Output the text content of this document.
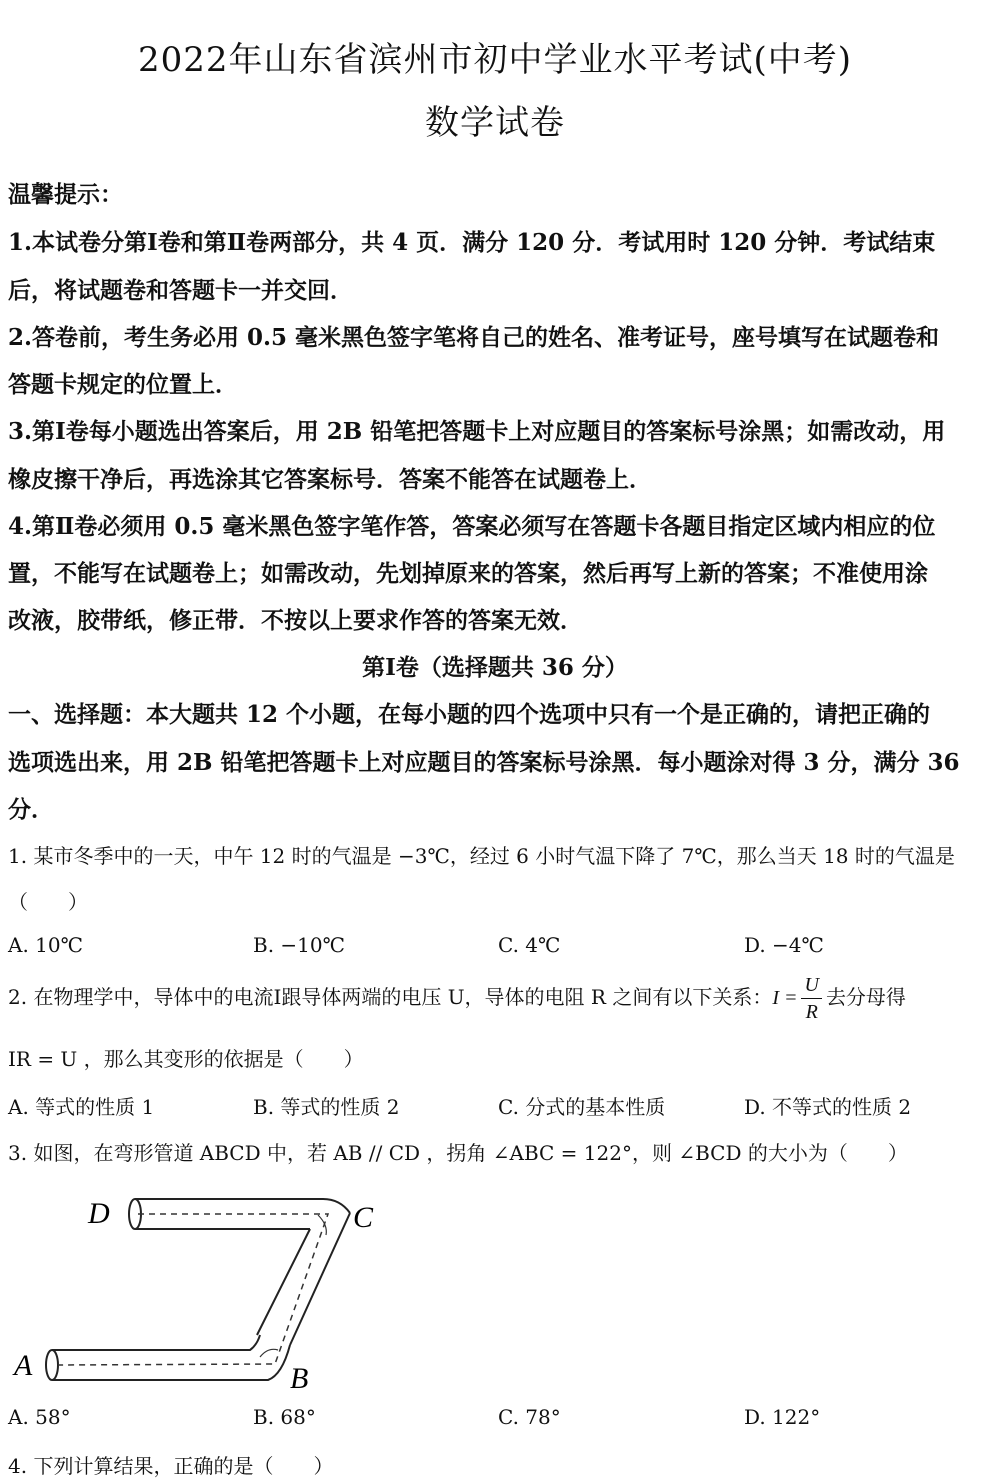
2022年山东省滨州市初中学业水平考试(中考)
数学试卷
温馨提示：
1.本试卷分第Ⅰ卷和第Ⅱ卷两部分，共 4 页．满分 120 分．考试用时 120 分钟．考试结束
后，将试题卷和答题卡一并交回．
2.答卷前，考生务必用 0.5 毫米黑色签字笔将自己的姓名、准考证号，座号填写在试题卷和
答题卡规定的位置上．
3.第Ⅰ卷每小题选出答案后，用 2B 铅笔把答题卡上对应题目的答案标号涂黑；如需改动，用
橡皮擦干净后，再选涂其它答案标号．答案不能答在试题卷上．
4.第Ⅱ卷必须用 0.5 毫米黑色签字笔作答，答案必须写在答题卡各题目指定区域内相应的位
置，不能写在试题卷上；如需改动，先划掉原来的答案，然后再写上新的答案；不准使用涂
改液，胶带纸，修正带．不按以上要求作答的答案无效．
第Ⅰ卷（选择题共 36 分）
一、选择题：本大题共 12 个小题，在每小题的四个选项中只有一个是正确的，请把正确的
选项选出来，用 2B 铅笔把答题卡上对应题目的答案标号涂黑．每小题涂对得 3 分，满分 36
分．
1. 某市冬季中的一天，中午 12 时的气温是 −3℃，经过 6 小时气温下降了 7℃，那么当天 18 时的气温是
（　　）
A. 10℃	B. −10℃	C. 4℃	D. −4℃
2. 在物理学中，导体中的电流Ⅰ跟导体两端的电压 U，导体的电阻 R 之间有以下关系：$I = \frac{U}{R}$ 去分母得
IR = U ，那么其变形的依据是（　　）
A. 等式的性质 1	B. 等式的性质 2	C. 分式的基本性质	D. 不等式的性质 2
3. 如图，在弯形管道 ABCD 中，若 AB // CD ，拐角 ∠ABC = 122°，则 ∠BCD 的大小为（　　）
D	C
A	B
A. 58°	B. 68°	C. 78°	D. 122°
4. 下列计算结果，正确的是（　　）
